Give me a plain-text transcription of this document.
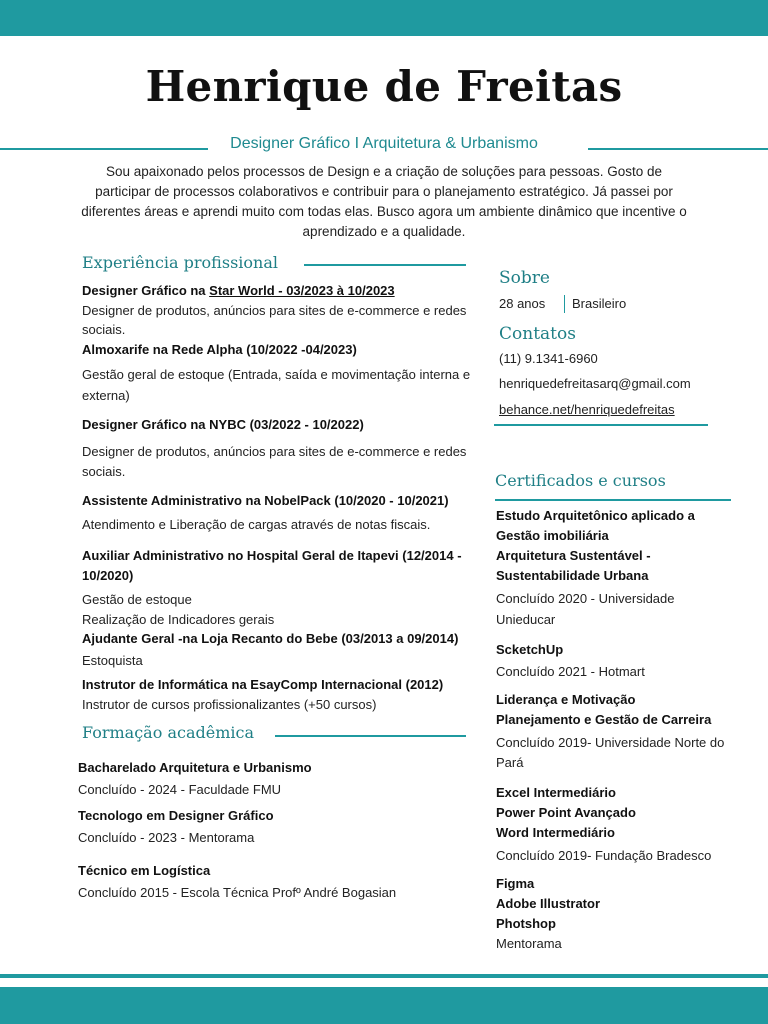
Henrique de Freitas
Designer Gráfico I Arquitetura & Urbanismo
Sou apaixonado pelos processos de Design e a criação de soluções para pessoas. Gosto de participar de processos colaborativos e contribuir para o planejamento estratégico. Já passei por diferentes áreas e aprendi muito com todas elas. Busco agora um ambiente dinâmico que incentive o aprendizado e a qualidade.
Experiência profissional
Designer Gráfico na Star World - 03/2023 à 10/2023
Designer de produtos, anúncios para sites de e-commerce e redes sociais.
Almoxarife na Rede Alpha (10/2022 -04/2023)
Gestão geral de estoque (Entrada, saída e movimentação interna e externa)
Designer Gráfico na NYBC (03/2022 - 10/2022)
Designer de produtos, anúncios para sites de e-commerce e redes sociais.
Assistente Administrativo na NobelPack (10/2020 - 10/2021)
Atendimento e Liberação de cargas através de notas fiscais.
Auxiliar Administrativo no Hospital Geral de Itapevi (12/2014 - 10/2020)
Gestão de estoque
Realização de Indicadores gerais
Ajudante Geral -na Loja Recanto do Bebe (03/2013 a 09/2014)
Estoquista
Instrutor de Informática na EsayComp Internacional (2012)
Instrutor de cursos profissionalizantes (+50 cursos)
Formação acadêmica
Bacharelado Arquitetura e Urbanismo
Concluído - 2024 - Faculdade FMU
Tecnologo em Designer Gráfico
Concluído - 2023 - Mentorama
Técnico em Logística
Concluído 2015 - Escola Técnica Profº André Bogasian
Sobre
28 anos Brasileiro
Contatos
(11) 9.1341-6960
henriquedefreitasarq@gmail.com
behance.net/henriquedefreitas
Certificados e cursos
Estudo Arquitetônico aplicado a
Gestão imobiliária
Arquitetura Sustentável -
Sustentabilidade Urbana
Concluído 2020 - Universidade
Unieducar
ScketchUp
Concluído 2021 - Hotmart
Liderança e Motivação
Planejamento e Gestão de Carreira
Concluído 2019- Universidade Norte do
Pará
Excel Intermediário
Power Point Avançado
Word Intermediário
Concluído 2019- Fundação Bradesco
Figma
Adobe Illustrator
Photshop
Mentorama
